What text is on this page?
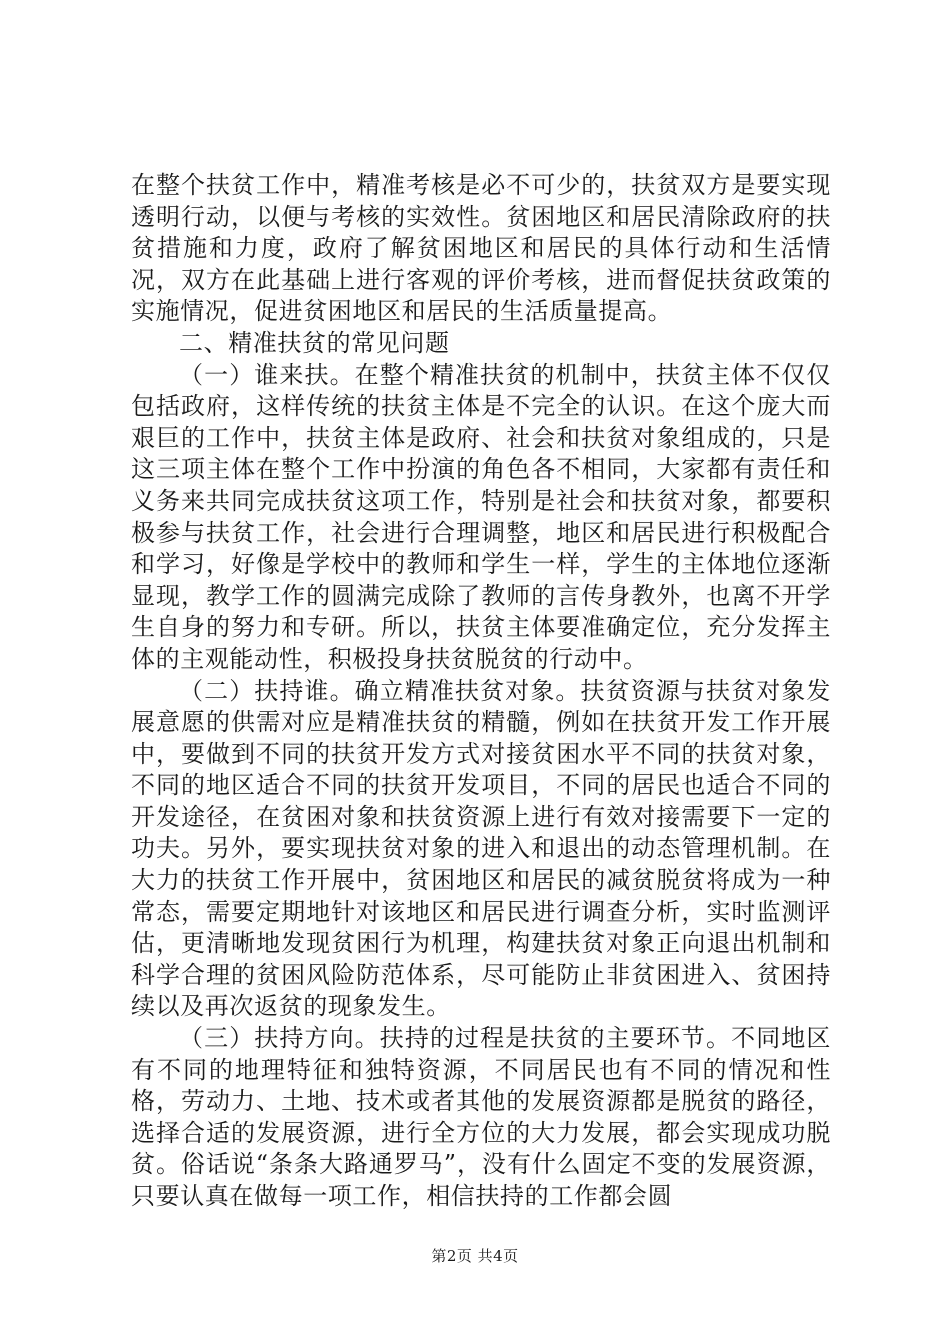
在整个扶贫工作中，精准考核是必不可少的，扶贫双方是要实现透明行动，以便与考核的实效性。贫困地区和居民清除政府的扶贫措施和力度，政府了解贫困地区和居民的具体行动和生活情况，双方在此基础上进行客观的评价考核，进而督促扶贫政策的实施情况，促进贫困地区和居民的生活质量提高。

二、精准扶贫的常见问题

（一）谁来扶。在整个精准扶贫的机制中，扶贫主体不仅仅包括政府，这样传统的扶贫主体是不完全的认识。在这个庞大而艰巨的工作中，扶贫主体是政府、社会和扶贫对象组成的，只是这三项主体在整个工作中扮演的角色各不相同，大家都有责任和义务来共同完成扶贫这项工作，特别是社会和扶贫对象，都要积极参与扶贫工作，社会进行合理调整，地区和居民进行积极配合和学习，好像是学校中的教师和学生一样，学生的主体地位逐渐显现，教学工作的圆满完成除了教师的言传身教外，也离不开学生自身的努力和专研。所以，扶贫主体要准确定位，充分发挥主体的主观能动性，积极投身扶贫脱贫的行动中。

（二）扶持谁。确立精准扶贫对象。扶贫资源与扶贫对象发展意愿的供需对应是精准扶贫的精髓，例如在扶贫开发工作开展中，要做到不同的扶贫开发方式对接贫困水平不同的扶贫对象，不同的地区适合不同的扶贫开发项目，不同的居民也适合不同的开发途径，在贫困对象和扶贫资源上进行有效对接需要下一定的功夫。另外，要实现扶贫对象的进入和退出的动态管理机制。在大力的扶贫工作开展中，贫困地区和居民的减贫脱贫将成为一种常态，需要定期地针对该地区和居民进行调查分析，实时监测评估，更清晰地发现贫困行为机理，构建扶贫对象正向退出机制和科学合理的贫困风险防范体系，尽可能防止非贫困进入、贫困持续以及再次返贫的现象发生。

（三）扶持方向。扶持的过程是扶贫的主要环节。不同地区有不同的地理特征和独特资源，不同居民也有不同的情况和性格，劳动力、土地、技术或者其他的发展资源都是脱贫的路径，选择合适的发展资源，进行全方位的大力发展，都会实现成功脱贫。俗话说“条条大路通罗马”，没有什么固定不变的发展资源，只要认真在做每一项工作，相信扶持的工作都会圆

第2页 共4页
